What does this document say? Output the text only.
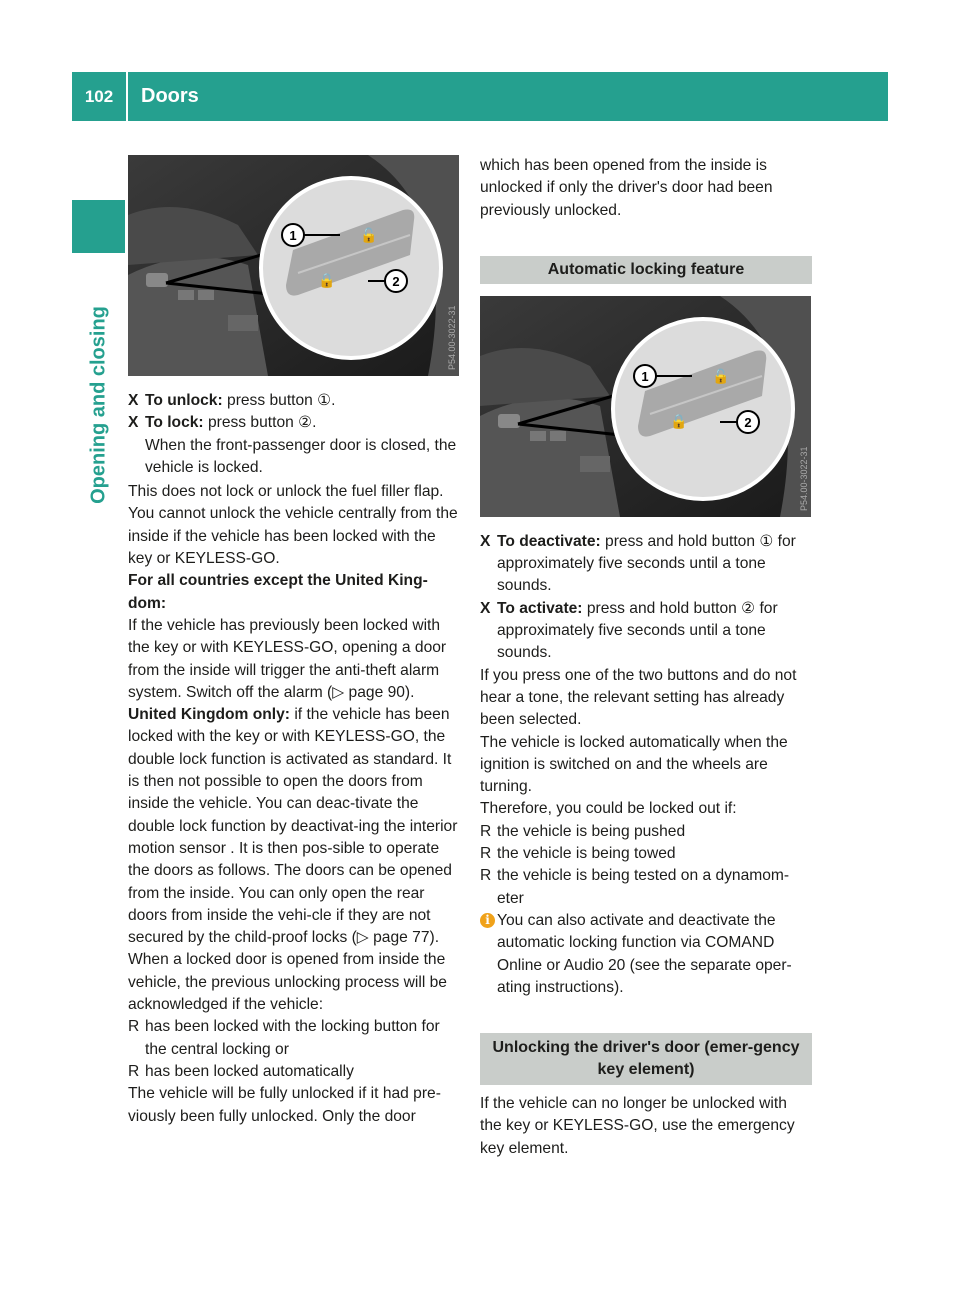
102	Doors
Opening and closing
1
2
🔓
🔒
P54.00-3022-31
X To unlock: press button ①.
X To lock: press button ②.

When the front-passenger door is closed, the vehicle is locked.

This does not lock or unlock the fuel filler flap.

You cannot unlock the vehicle centrally from the inside if the vehicle has been locked with the key or KEYLESS-GO.

For all countries except the United King-dom:

If the vehicle has previously been locked with the key or with KEYLESS-GO, opening a door from the inside will trigger the anti-theft alarm system. Switch off the alarm (▷ page 90).

United Kingdom only: if the vehicle has been locked with the key or with KEYLESS-GO, the double lock function is activated as standard. It is then not possible to open the doors from inside the vehicle. You can deac-tivate the double lock function by deactivat-ing the interior motion sensor . It is then pos-sible to operate the doors as follows. The doors can be opened from the inside. You can only open the rear doors from inside the vehi-cle if they are not secured by the child-proof locks (▷ page 77).

When a locked door is opened from inside the vehicle, the previous unlocking process will be acknowledged if the vehicle:

R has been locked with the locking button for the central locking or
R has been locked automatically

The vehicle will be fully unlocked if it had pre-viously been fully unlocked. Only the door

which has been opened from the inside is unlocked if only the driver's door had been previously unlocked.

Automatic locking feature
1
2
🔓
🔒
P54.00-3022-31
X To deactivate: press and hold button ① for approximately five seconds until a tone sounds.
X To activate: press and hold button ② for approximately five seconds until a tone sounds.

If you press one of the two buttons and do not hear a tone, the relevant setting has already been selected.

The vehicle is locked automatically when the ignition is switched on and the wheels are turning.

Therefore, you could be locked out if:

R the vehicle is being pushed
R the vehicle is being towed
R the vehicle is being tested on a dynamom-eter
i You can also activate and deactivate the automatic locking function via COMAND Online or Audio 20 (see the separate oper-ating instructions).
Unlocking the driver's door (emer-gency key element)

If the vehicle can no longer be unlocked with the key or KEYLESS-GO, use the emergency key element.
